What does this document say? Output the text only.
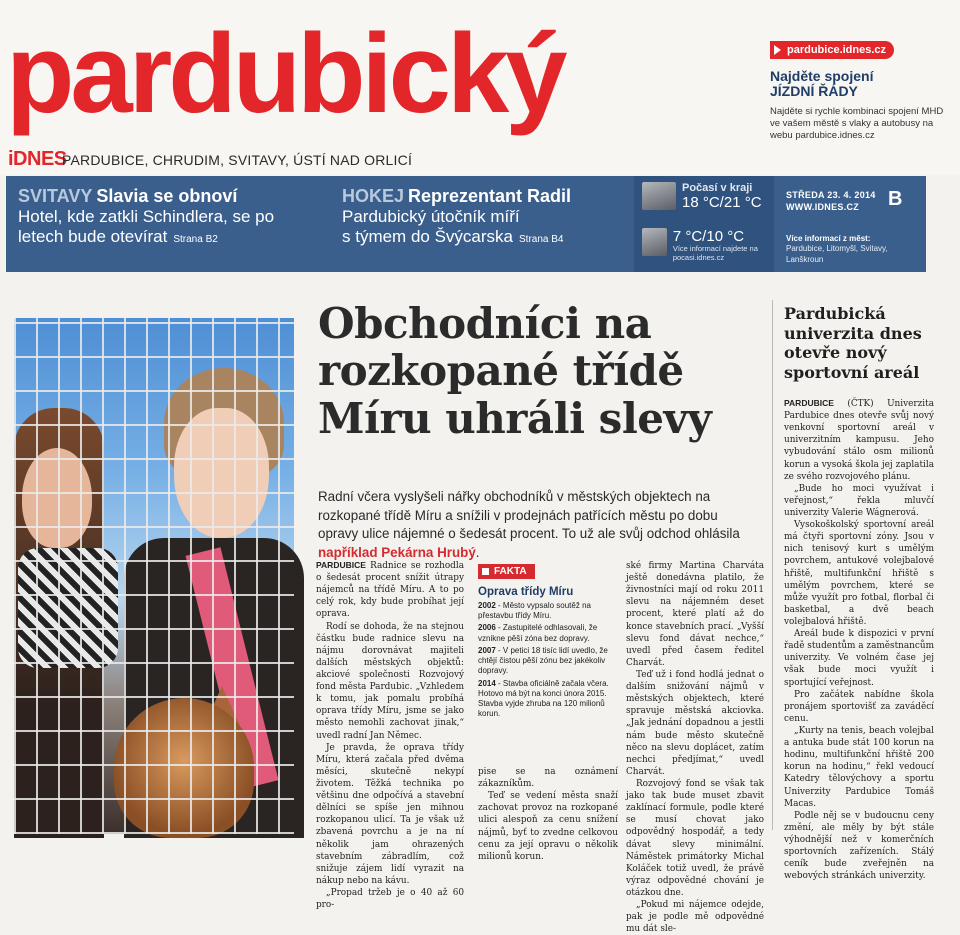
pardubický
iDNES
PARDUBICE, CHRUDIM, SVITAVY, ÚSTÍ NAD ORLICÍ
pardubice.idnes.cz
Najděte spojení
JÍZDNÍ ŘÁDY

Najděte si rychle kombinaci spojení MHD ve vašem městě s vlaky a autobusy na webu pardubice.idnes.cz

SVITAVY Slavia se obnoví
Hotel, kde zatkli Schindlera, se po
letech bude otevírat Strana B2
HOKEJ Reprezentant Radil
Pardubický útočník míří
s týmem do Švýcarska Strana B4
Počasí v kraji
18 °C/21 °C
7 °C/10 °C
Více informací najdete na pocasi.idnes.cz
STŘEDA 23. 4. 2014
WWW.IDNES.CZ	B
Více informací z měst:
Pardubice, Litomyšl, Svitavy, Lanškroun
Obchodníci na rozkopané třídě Míru uhráli slevy

Radní včera vyslyšeli nářky obchodníků v městských objektech na rozkopané třídě Míru a snížili v prodejnách patřících městu po dobu opravy ulice nájemné o šedesát procent. To už ale svůj odchod ohlásila například Pekárna Hrubý.

PARDUBICE Radnice se rozhodla o šedesát procent snížit útrapy nájemců na třídě Míru. A to po celý rok, kdy bude probíhat její oprava.

Rodí se dohoda, že na stejnou částku bude radnice slevu na nájmu dorovnávat majiteli dalších městských objektů: akciové společnosti Rozvojový fond města Pardubic. „Vzhledem k tomu, jak pomalu probíhá oprava třídy Míru, jsme se jako město nemohli zachovat jinak,“ uvedl radní Jan Němec.

Je pravda, že oprava třídy Míru, která začala před dvěma měsíci, skutečně nekypí životem. Těžká technika po většinu dne odpočívá a stavební dělníci se spíše jen mihnou rozkopanou ulicí. Ta je však už zbavená povrchu a je na ní několik jam ohrazených stavebním zábradlím, což snižuje zájem lidí vyrazit na nákup nebo na kávu.

„Propad tržeb je o 40 až 60 pro-

FAKTA
Oprava třídy Míru
2002 - Město vypsalo soutěž na přestavbu třídy Míru.
2006 - Zastupitelé odhlasovali, že vznikne pěší zóna bez dopravy.
2007 - V petici 18 tisíc lidí uvedlo, že chtějí čistou pěší zónu bez jakékoliv dopravy.
2014 - Stavba oficiálně začala včera. Hotovo má být na konci února 2015. Stavba vyjde zhruba na 120 milionů korun.

pise se na oznámení zákazníkům.

Teď se vedení města snaží zachovat provoz na rozkopané ulici alespoň za cenu snížení nájmů, byť to zvedne celkovou cenu za její opravu o několik milionů korun.

ské firmy Martina Charváta ještě donedávna platilo, že živnostníci mají od roku 2011 slevu na nájemném deset procent, které platí až do konce stavebních prací. „Vyšší slevu fond dávat nechce,“ uvedl před časem ředitel Charvát.

Teď už i fond hodlá jednat o dalším snižování nájmů v městských objektech, které spravuje městská akciovka. „Jak jednání dopadnou a jestli nám bude město skutečně něco na slevu doplácet, zatím nechci předjímat,“ uvedl Charvát.

Rozvojový fond se však tak jako tak bude muset zbavit zaklínací formule, podle které se musí chovat jako odpovědný hospodář, a tedy dávat slevy minimální. Náměstek primátorky Michal Koláček totiž uvedl, že právě výraz odpovědné chování je otázkou dne.

„Pokud mi nájemce odejde, pak je podle mě odpovědné mu dát sle-

Pardubická univerzita dnes otevře nový sportovní areál

PARDUBICE (ČTK) Univerzita Pardubice dnes otevře svůj nový venkovní sportovní areál v univerzitním kampusu. Jeho vybudování stálo osm milionů korun a vysoká škola jej zaplatila ze svého rozvojového plánu.

„Bude ho moci využívat i veřejnost,“ řekla mluvčí univerzity Valerie Wágnerová.

Vysokoškolský sportovní areál má čtyři sportovní zóny. Jsou v nich tenisový kurt s umělým povrchem, antukové volejbalové hřiště, multifunkční hřiště s umělým povrchem, které se může využít pro fotbal, florbal či basketbal, a dvě beach volejbalová hřiště.

Areál bude k dispozici v první řadě studentům a zaměstnancům univerzity. Ve volném čase jej však bude moci využít i sportující veřejnost.

Pro začátek nabídne škola pronájem sportovišť za zaváděcí cenu.

„Kurty na tenis, beach volejbal a antuka bude stát 100 korun na hodinu, multifunkční hřiště 200 korun na hodinu,“ řekl vedoucí Katedry tělovýchovy a sportu Univerzity Pardubice Tomáš Macas.

Podle něj se v budoucnu ceny změní, ale měly by být stále výhodnější než v komerčních sportovních zařízeních. Stálý ceník bude zveřejněn na webových stránkách univerzity.
